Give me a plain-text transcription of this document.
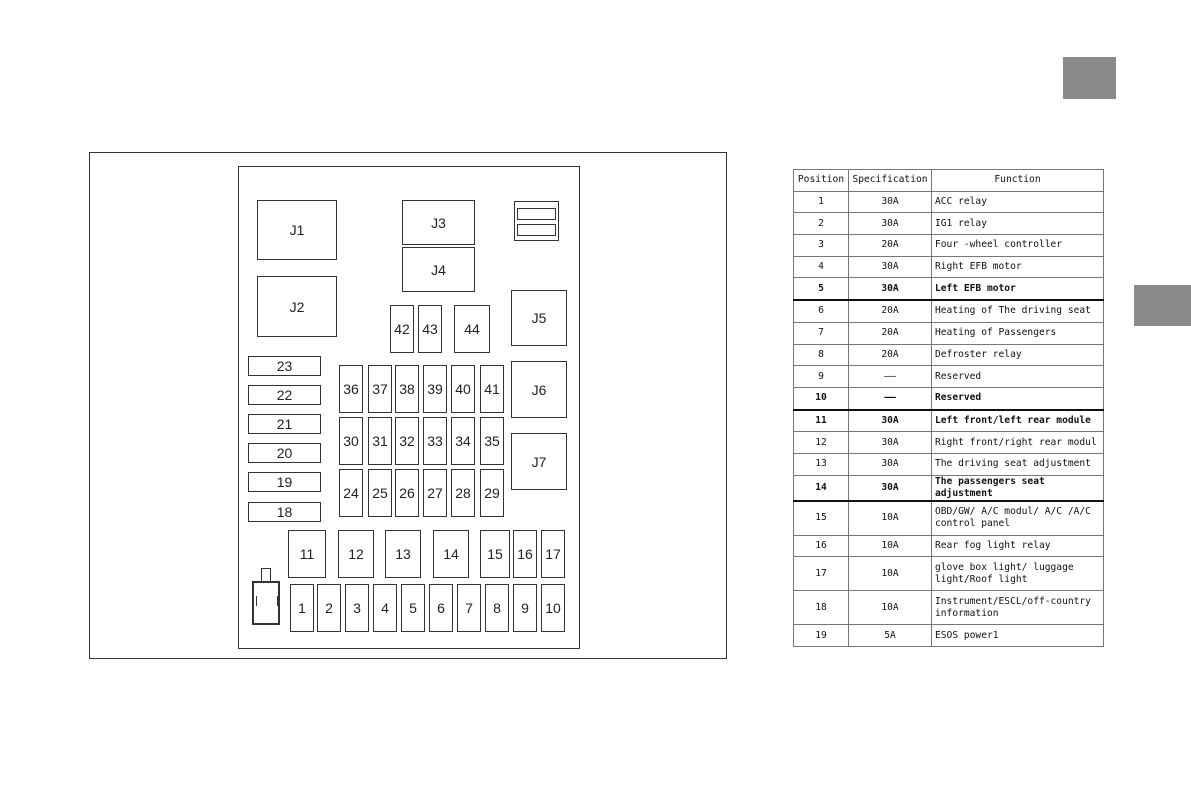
J1
J2
J3
J4
J5
J6
J7
42 43	44
36 37 38 39 40 41
30 31 32 33 34 35
24 25 26 27 28 29
23
22
21
20
19
18
11	12	13	14	15	16 17
1	2	3	4	5	6	7	8	9	10
Position	Specification	Function
1	30A	ACC relay
2	30A	IG1 relay
3	20A	Four -wheel controller
4	30A	Right EFB motor
5	30A	Left EFB motor
6	20A	Heating of The driving seat
7	20A	Heating of Passengers
8	20A	Defroster relay
9	——	Reserved
10	——	Reserved
11	30A	Left front/left rear module
12	30A	Right front/right rear modul
13	30A	The driving seat adjustment
14	30A	The passengers seat adjustment
15	10A	OBD/GW/ A/C modul/ A/C /A/C control panel
16	10A	Rear fog light relay
17	10A	glove box light/ luggage light/Roof light
18	10A	Instrument/ESCL/off-country information
19	5A	ESOS power1
